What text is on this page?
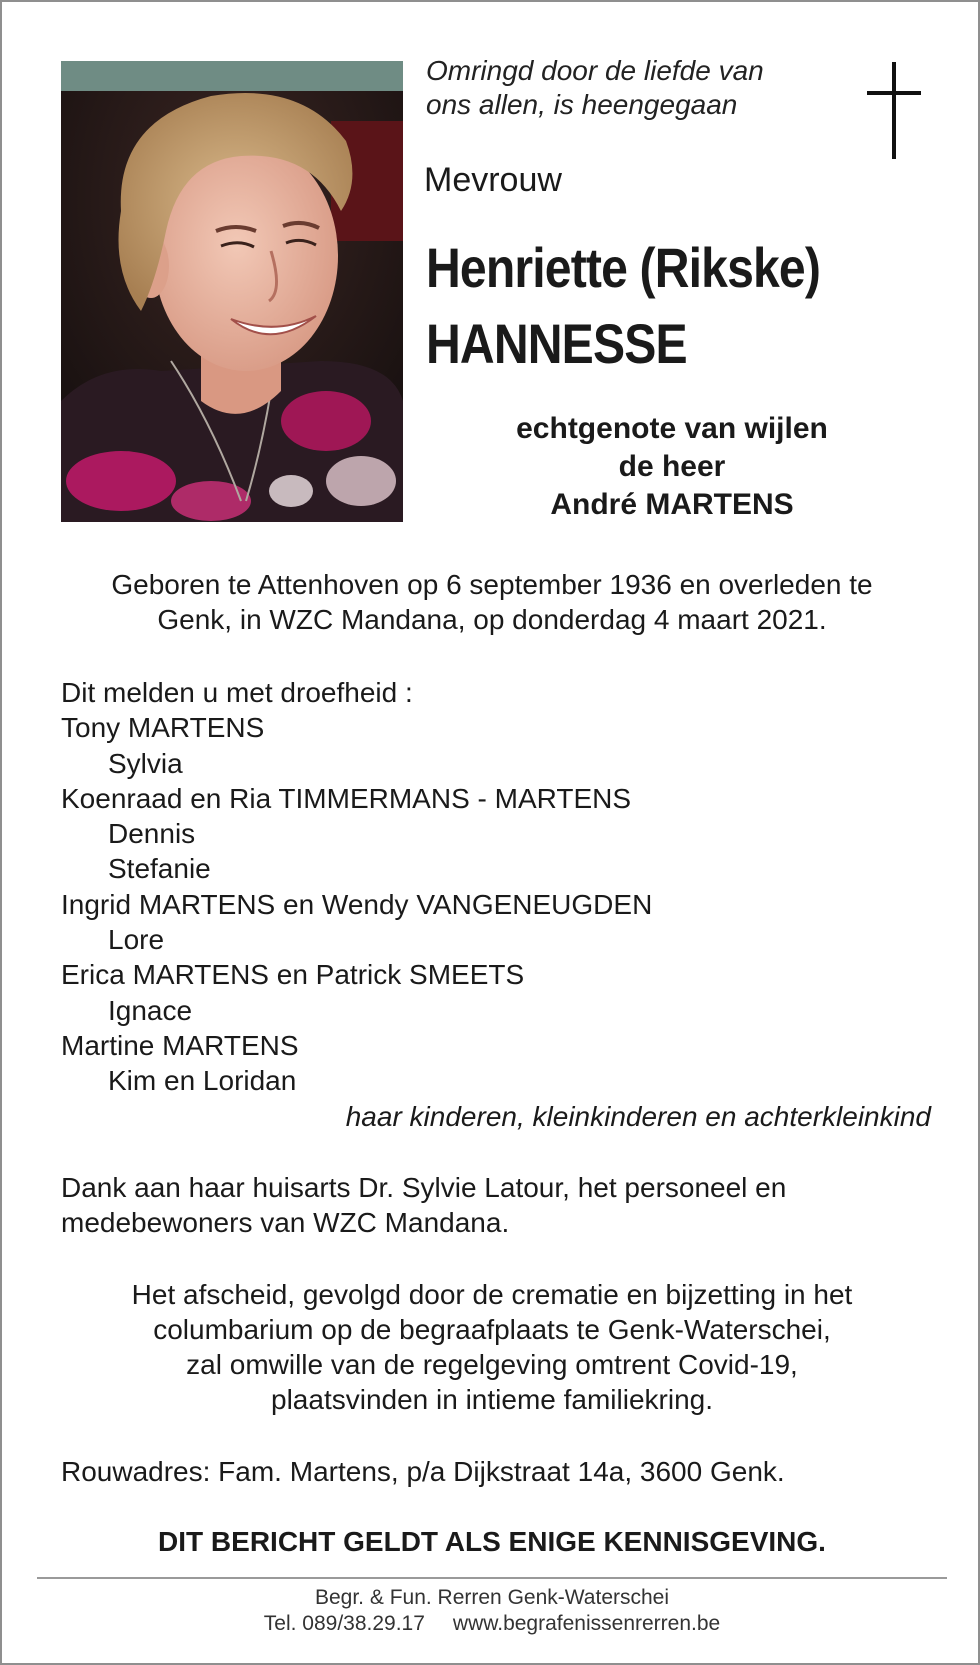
Omringd door de liefde van
ons allen, is heengegaan
Mevrouw
Henriette (Rikske)
HANNESSE
echtgenote van wijlen
de heer
André MARTENS
Geboren te Attenhoven op 6 september 1936 en overleden te
Genk, in WZC Mandana, op donderdag 4 maart 2021.
Dit melden u met droefheid :
Tony MARTENS
Sylvia
Koenraad en Ria TIMMERMANS - MARTENS
Dennis
Stefanie
Ingrid MARTENS en Wendy VANGENEUGDEN
Lore
Erica MARTENS en Patrick SMEETS
Ignace
Martine MARTENS
Kim en Loridan
haar kinderen, kleinkinderen en achterkleinkind
Dank aan haar huisarts Dr. Sylvie Latour, het personeel en
medebewoners van WZC Mandana.
Het afscheid, gevolgd door de crematie en bijzetting in het
columbarium op de begraafplaats te Genk-Waterschei,
zal omwille van de regelgeving omtrent Covid-19,
plaatsvinden in intieme familiekring.
Rouwadres: Fam. Martens, p/a Dijkstraat 14a, 3600 Genk.
DIT BERICHT GELDT ALS ENIGE KENNISGEVING.
Begr. & Fun. Rerren Genk-Waterschei
Tel. 089/38.29.17 www.begrafenissenrerren.be
